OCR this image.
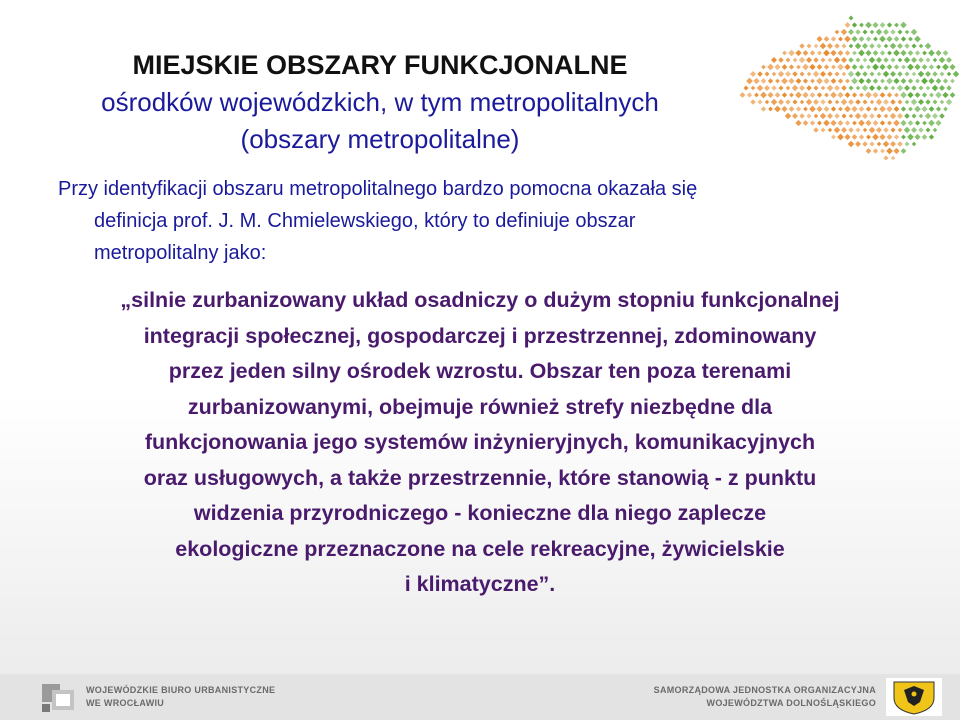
MIEJSKIE OBSZARY FUNKCJONALNE
ośrodków wojewódzkich, w tym metropolitalnych
(obszary metropolitalne)
Przy identyfikacji obszaru metropolitalnego bardzo pomocna okazała się
definicja prof. J. M. Chmielewskiego, który to definiuje obszar
metropolitalny jako:
„silnie zurbanizowany układ osadniczy o dużym stopniu funkcjonalnej
integracji społecznej, gospodarczej i przestrzennej, zdominowany
przez jeden silny ośrodek wzrostu. Obszar ten poza terenami
zurbanizowanymi, obejmuje również strefy niezbędne dla
funkcjonowania jego systemów inżynieryjnych, komunikacyjnych
oraz usługowych, a także przestrzennie, które stanowią - z punktu
widzenia przyrodniczego - konieczne dla niego zaplecze
ekologiczne przeznaczone na cele rekreacyjne, żywicielskie
i klimatyczne”.
WOJEWÓDZKIE BIURO URBANISTYCZNE
WE WROCŁAWIU
SAMORZĄDOWA JEDNOSTKA ORGANIZACYJNA
WOJEWÓDZTWA DOLNOŚLĄSKIEGO
